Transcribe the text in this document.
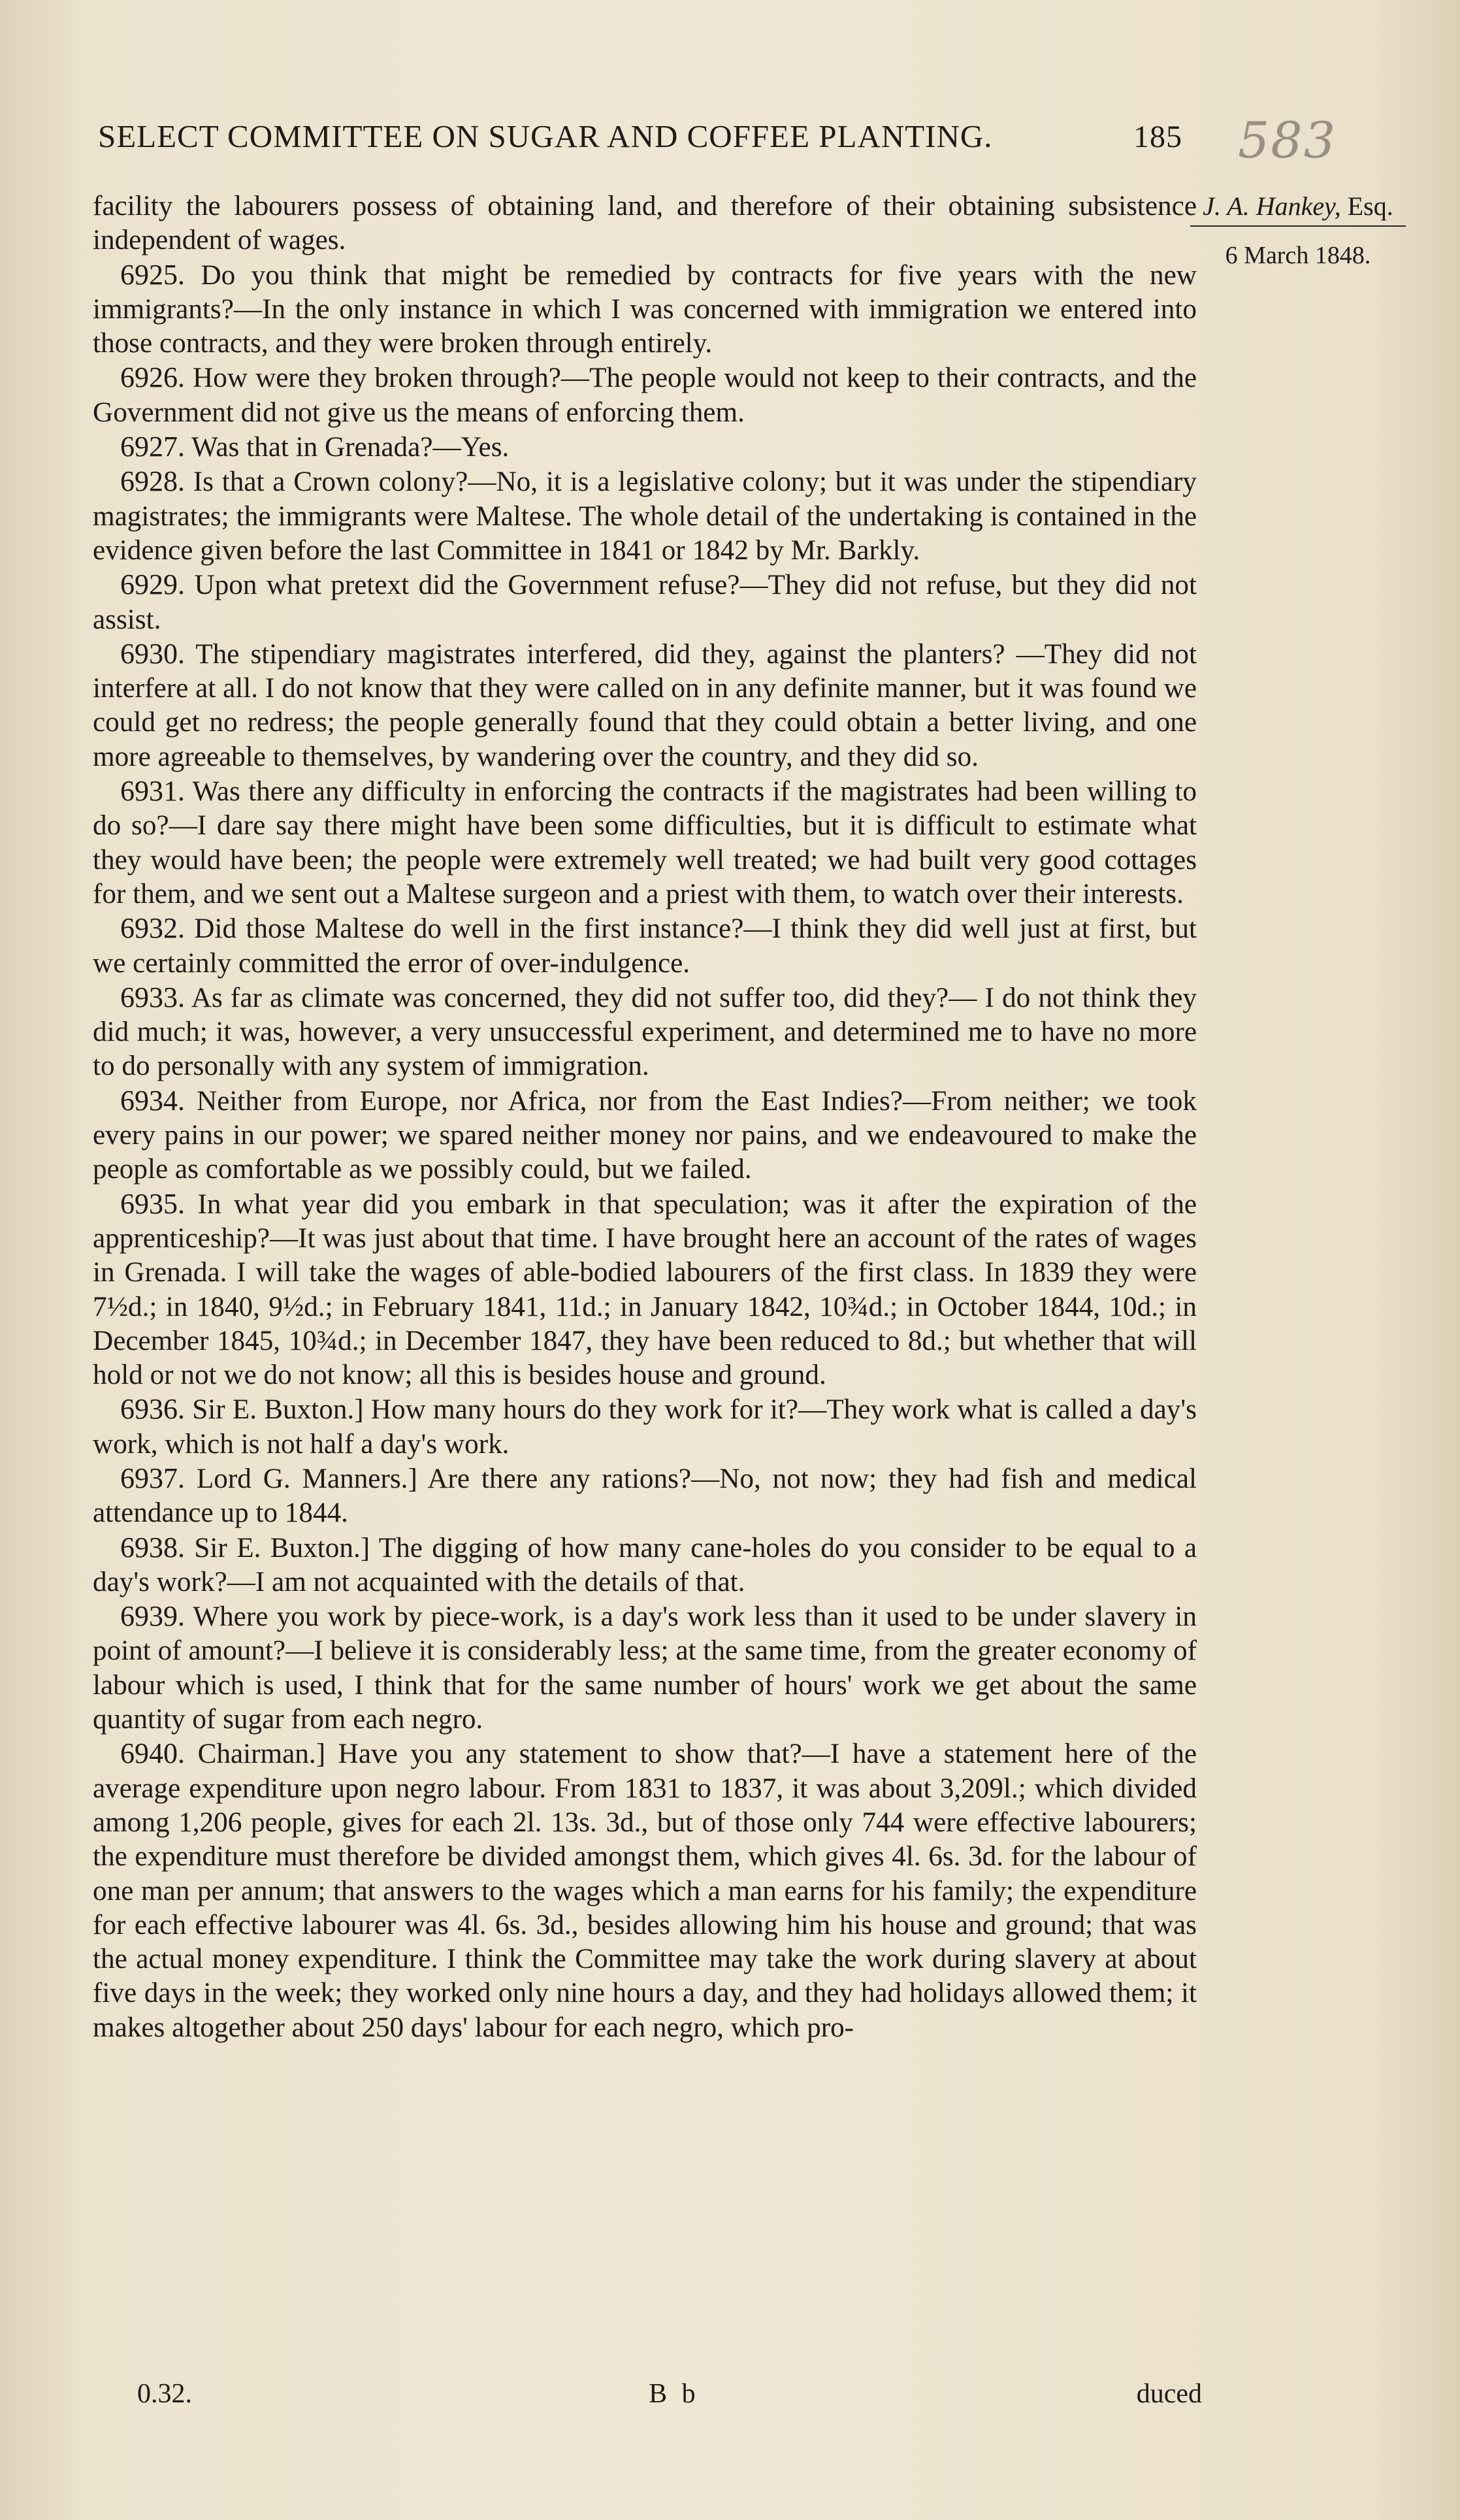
SELECT COMMITTEE ON SUGAR AND COFFEE PLANTING.	185 583
J. A. Hankey, Esq.
6 March 1848.

facility the labourers possess of obtaining land, and therefore of their obtaining subsistence independent of wages.

6925. Do you think that might be remedied by contracts for five years with the new immigrants?—In the only instance in which I was concerned with immigration we entered into those contracts, and they were broken through entirely.

6926. How were they broken through?—The people would not keep to their contracts, and the Government did not give us the means of enforcing them.

6927. Was that in Grenada?—Yes.

6928. Is that a Crown colony?—No, it is a legislative colony; but it was under the stipendiary magistrates; the immigrants were Maltese. The whole detail of the undertaking is contained in the evidence given before the last Committee in 1841 or 1842 by Mr. Barkly.

6929. Upon what pretext did the Government refuse?—They did not refuse, but they did not assist.

6930. The stipendiary magistrates interfered, did they, against the planters? —They did not interfere at all. I do not know that they were called on in any definite manner, but it was found we could get no redress; the people generally found that they could obtain a better living, and one more agreeable to themselves, by wandering over the country, and they did so.

6931. Was there any difficulty in enforcing the contracts if the magistrates had been willing to do so?—I dare say there might have been some difficulties, but it is difficult to estimate what they would have been; the people were extremely well treated; we had built very good cottages for them, and we sent out a Maltese surgeon and a priest with them, to watch over their interests.

6932. Did those Maltese do well in the first instance?—I think they did well just at first, but we certainly committed the error of over-indulgence.

6933. As far as climate was concerned, they did not suffer too, did they?— I do not think they did much; it was, however, a very unsuccessful experiment, and determined me to have no more to do personally with any system of immigration.

6934. Neither from Europe, nor Africa, nor from the East Indies?—From neither; we took every pains in our power; we spared neither money nor pains, and we endeavoured to make the people as comfortable as we possibly could, but we failed.

6935. In what year did you embark in that speculation; was it after the expiration of the apprenticeship?—It was just about that time. I have brought here an account of the rates of wages in Grenada. I will take the wages of able-bodied labourers of the first class. In 1839 they were 7½d.; in 1840, 9½d.; in February 1841, 11d.; in January 1842, 10¾d.; in October 1844, 10d.; in December 1845, 10¾d.; in December 1847, they have been reduced to 8d.; but whether that will hold or not we do not know; all this is besides house and ground.

6936. Sir E. Buxton.] How many hours do they work for it?—They work what is called a day's work, which is not half a day's work.

6937. Lord G. Manners.] Are there any rations?—No, not now; they had fish and medical attendance up to 1844.

6938. Sir E. Buxton.] The digging of how many cane-holes do you consider to be equal to a day's work?—I am not acquainted with the details of that.

6939. Where you work by piece-work, is a day's work less than it used to be under slavery in point of amount?—I believe it is considerably less; at the same time, from the greater economy of labour which is used, I think that for the same number of hours' work we get about the same quantity of sugar from each negro.

6940. Chairman.] Have you any statement to show that?—I have a statement here of the average expenditure upon negro labour. From 1831 to 1837, it was about 3,209l.; which divided among 1,206 people, gives for each 2l. 13s. 3d., but of those only 744 were effective labourers; the expenditure must therefore be divided amongst them, which gives 4l. 6s. 3d. for the labour of one man per annum; that answers to the wages which a man earns for his family; the expenditure for each effective labourer was 4l. 6s. 3d., besides allowing him his house and ground; that was the actual money expenditure. I think the Committee may take the work during slavery at about five days in the week; they worked only nine hours a day, and they had holidays allowed them; it makes altogether about 250 days' labour for each negro, which pro-

0.32.	B b	duced
